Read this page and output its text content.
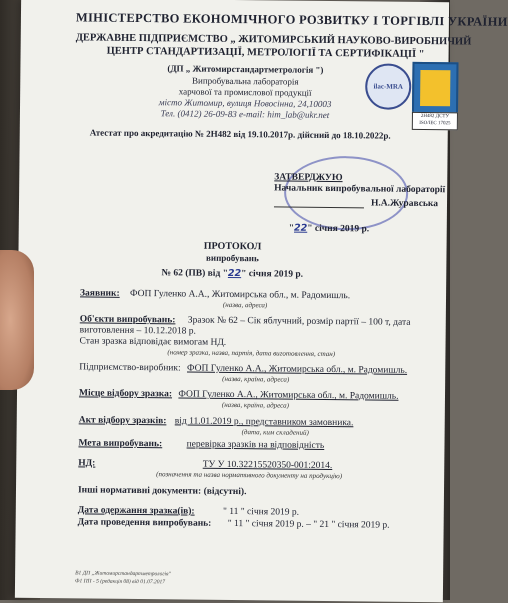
МІНІСТЕРСТВО ЕКОНОМІЧНОГО РОЗВИТКУ І ТОРГІВЛІ УКРАЇНИ
ДЕРЖАВНЕ ПІДПРИЄМСТВО „ ЖИТОМИРСЬКИЙ НАУКОВО-ВИРОБНИЧИЙ
ЦЕНТР СТАНДАРТИЗАЦІЇ, МЕТРОЛОГІЇ ТА СЕРТИФІКАЦІЇ "
(ДП „ Житомирстандартметрологія ")
Випробувальна лабораторія
харчової та промислової продукції
місто Житомир, вулиця Новосінна, 24,10003
Тел. (0412) 26-09-83 e-mail: him_lab@ukr.net
ilac-MRA
2Н482 ДСТУ ISO/IEC 17025
Атестат про акредитацію № 2Н482 від 19.10.2017р. дійсний до 18.10.2022р.
ЗАТВЕРДЖУЮ
Начальник випробувальної лабораторії
Н.А.Журавська
"22" січня 2019 р.
ПРОТОКОЛ
випробувань
№ 62 (ПВ) від "22" січня 2019 р.
Заявник: ФОП Гуленко А.А., Житомирська обл., м. Радомишль.
(назва, адреса)
Об'єкти випробувань: Зразок № 62 – Сік яблучний, розмір партії – 100 т, дата
виготовлення – 10.12.2018 р.
Стан зразка відповідає вимогам НД.
(номер зразка, назва, партія, дата виготовлення, стан)
Підприємство-виробник: ФОП Гуленко А.А., Житомирська обл., м. Радомишль.
(назва, країна, адреса)
Місце відбору зразка: ФОП Гуленко А.А., Житомирська обл., м. Радомишль.
(назва, країна, адреса)
Акт відбору зразків: від 11.01.2019 р., представником замовника.
(дата, ким складений)
Мета випробувань:	перевірка зразків на відповідність
НД:	ТУ У 10.32215520350-001:2014.
(позначення та назва нормативного документу на продукцію)
Інші нормативні документи: (відсутні).
Дата одержання зразка(ів):	" 11 " січня 2019 р.
Дата проведення випробувань: " 11 " січня 2019 р. – " 21 " січня 2019 р.
В1 ДП „Житомирстандартметрологія"
Ф1 ПП - 5 (редакція 08) від 01.07.2017
